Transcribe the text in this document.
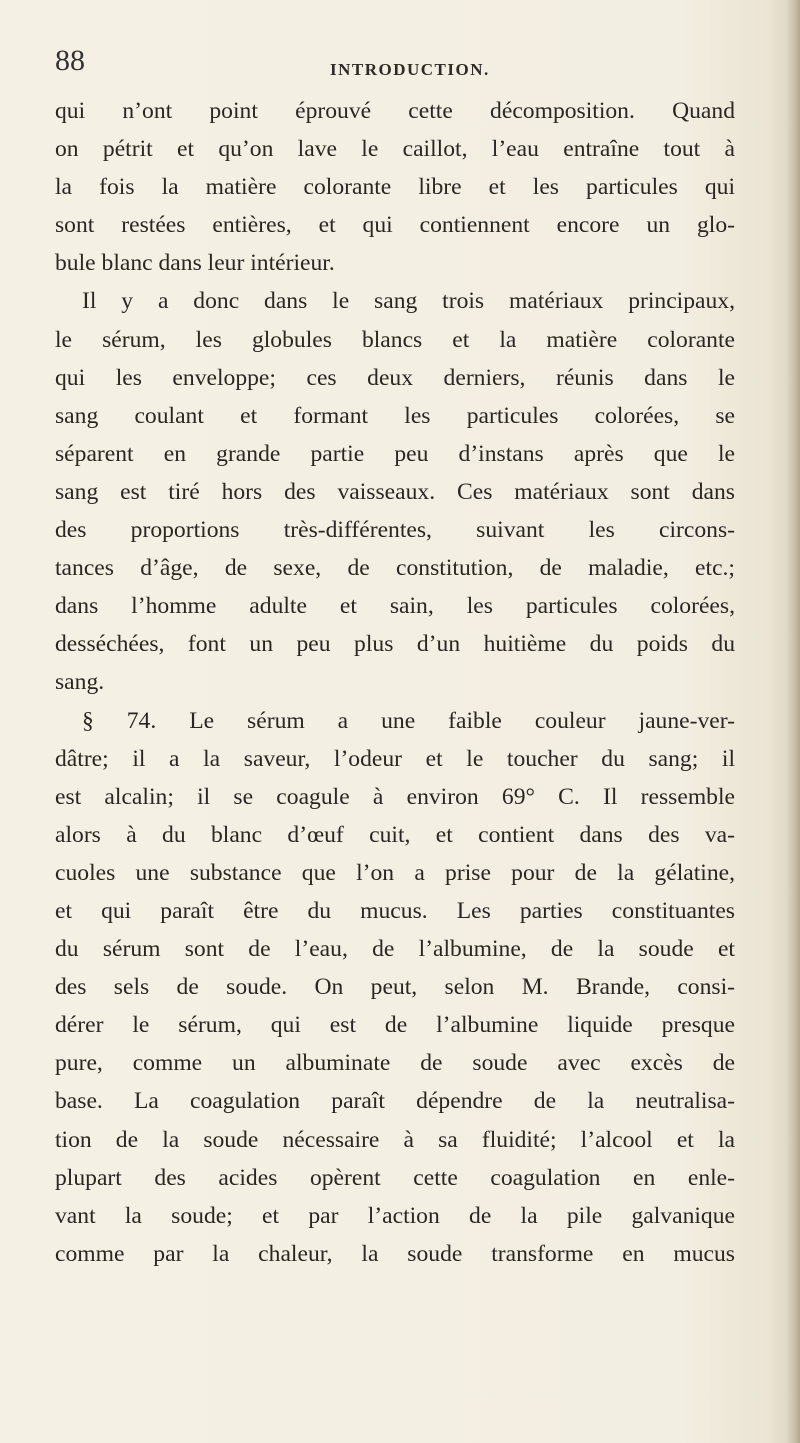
88	INTRODUCTION.
qui n’ont point éprouvé cette décomposition. Quand
on pétrit et qu’on lave le caillot, l’eau entraîne tout à
la fois la matière colorante libre et les particules qui
sont restées entières, et qui contiennent encore un glo-
bule blanc dans leur intérieur.
Il y a donc dans le sang trois matériaux principaux,
le sérum, les globules blancs et la matière colorante
qui les enveloppe; ces deux derniers, réunis dans le
sang coulant et formant les particules colorées, se
séparent en grande partie peu d’instans après que le
sang est tiré hors des vaisseaux. Ces matériaux sont dans
des proportions très-différentes, suivant les circons-
tances d’âge, de sexe, de constitution, de maladie, etc.;
dans l’homme adulte et sain, les particules colorées,
desséchées, font un peu plus d’un huitième du poids du
sang.
§ 74. Le sérum a une faible couleur jaune-ver-
dâtre; il a la saveur, l’odeur et le toucher du sang; il
est alcalin; il se coagule à environ 69° C. Il ressemble
alors à du blanc d’œuf cuit, et contient dans des va-
cuoles une substance que l’on a prise pour de la gélatine,
et qui paraît être du mucus. Les parties constituantes
du sérum sont de l’eau, de l’albumine, de la soude et
des sels de soude. On peut, selon M. Brande, consi-
dérer le sérum, qui est de l’albumine liquide presque
pure, comme un albuminate de soude avec excès de
base. La coagulation paraît dépendre de la neutralisa-
tion de la soude nécessaire à sa fluidité; l’alcool et la
plupart des acides opèrent cette coagulation en enle-
vant la soude; et par l’action de la pile galvanique
comme par la chaleur, la soude transforme en mucus
